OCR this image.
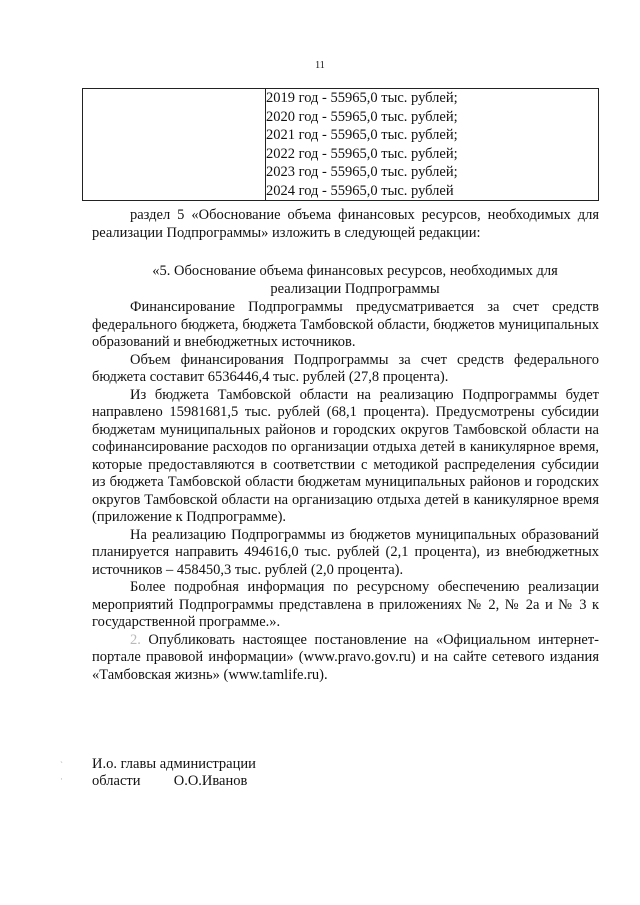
11

2019 год - 55965,0 тыс. рублей;
2020 год - 55965,0 тыс. рублей;
2021 год - 55965,0 тыс. рублей;
2022 год - 55965,0 тыс. рублей;
2023 год - 55965,0 тыс. рублей;
2024 год - 55965,0 тыс. рублей
раздел 5 «Обоснование объема финансовых ресурсов, необходимых для реализации Подпрограммы» изложить в следующей редакции:
«5. Обоснование объема финансовых ресурсов, необходимых для реализации Подпрограммы

Финансирование Подпрограммы предусматривается за счет средств федерального бюджета, бюджета Тамбовской области, бюджетов муниципальных образований и внебюджетных источников.

Объем финансирования Подпрограммы за счет средств федерального бюджета составит 6536446,4 тыс. рублей (27,8 процента).

Из бюджета Тамбовской области на реализацию Подпрограммы будет направлено 15981681,5 тыс. рублей (68,1 процента). Предусмотрены субсидии бюджетам муниципальных районов и городских округов Тамбовской области на софинансирование расходов по организации отдыха детей в каникулярное время, которые предоставляются в соответствии с методикой распределения субсидии из бюджета Тамбовской области бюджетам муниципальных районов и городских округов Тамбовской области на организацию отдыха детей в каникулярное время (приложение к Подпрограмме).

На реализацию Подпрограммы из бюджетов муниципальных образований планируется направить 494616,0 тыс. рублей (2,1 процента), из внебюджетных источников – 458450,3 тыс. рублей (2,0 процента).

Более подробная информация по ресурсному обеспечению реализации мероприятий Подпрограммы представлена в приложениях № 2, № 2а и № 3 к государственной программе.».

2. Опубликовать настоящее постановление на «Официальном интернет-портале правовой информации» (www.pravo.gov.ru) и на сайте сетевого издания «Тамбовская жизнь» (www.tamlife.ru).

ˋ
·
И.о. главы администрации
области О.О.Иванов
